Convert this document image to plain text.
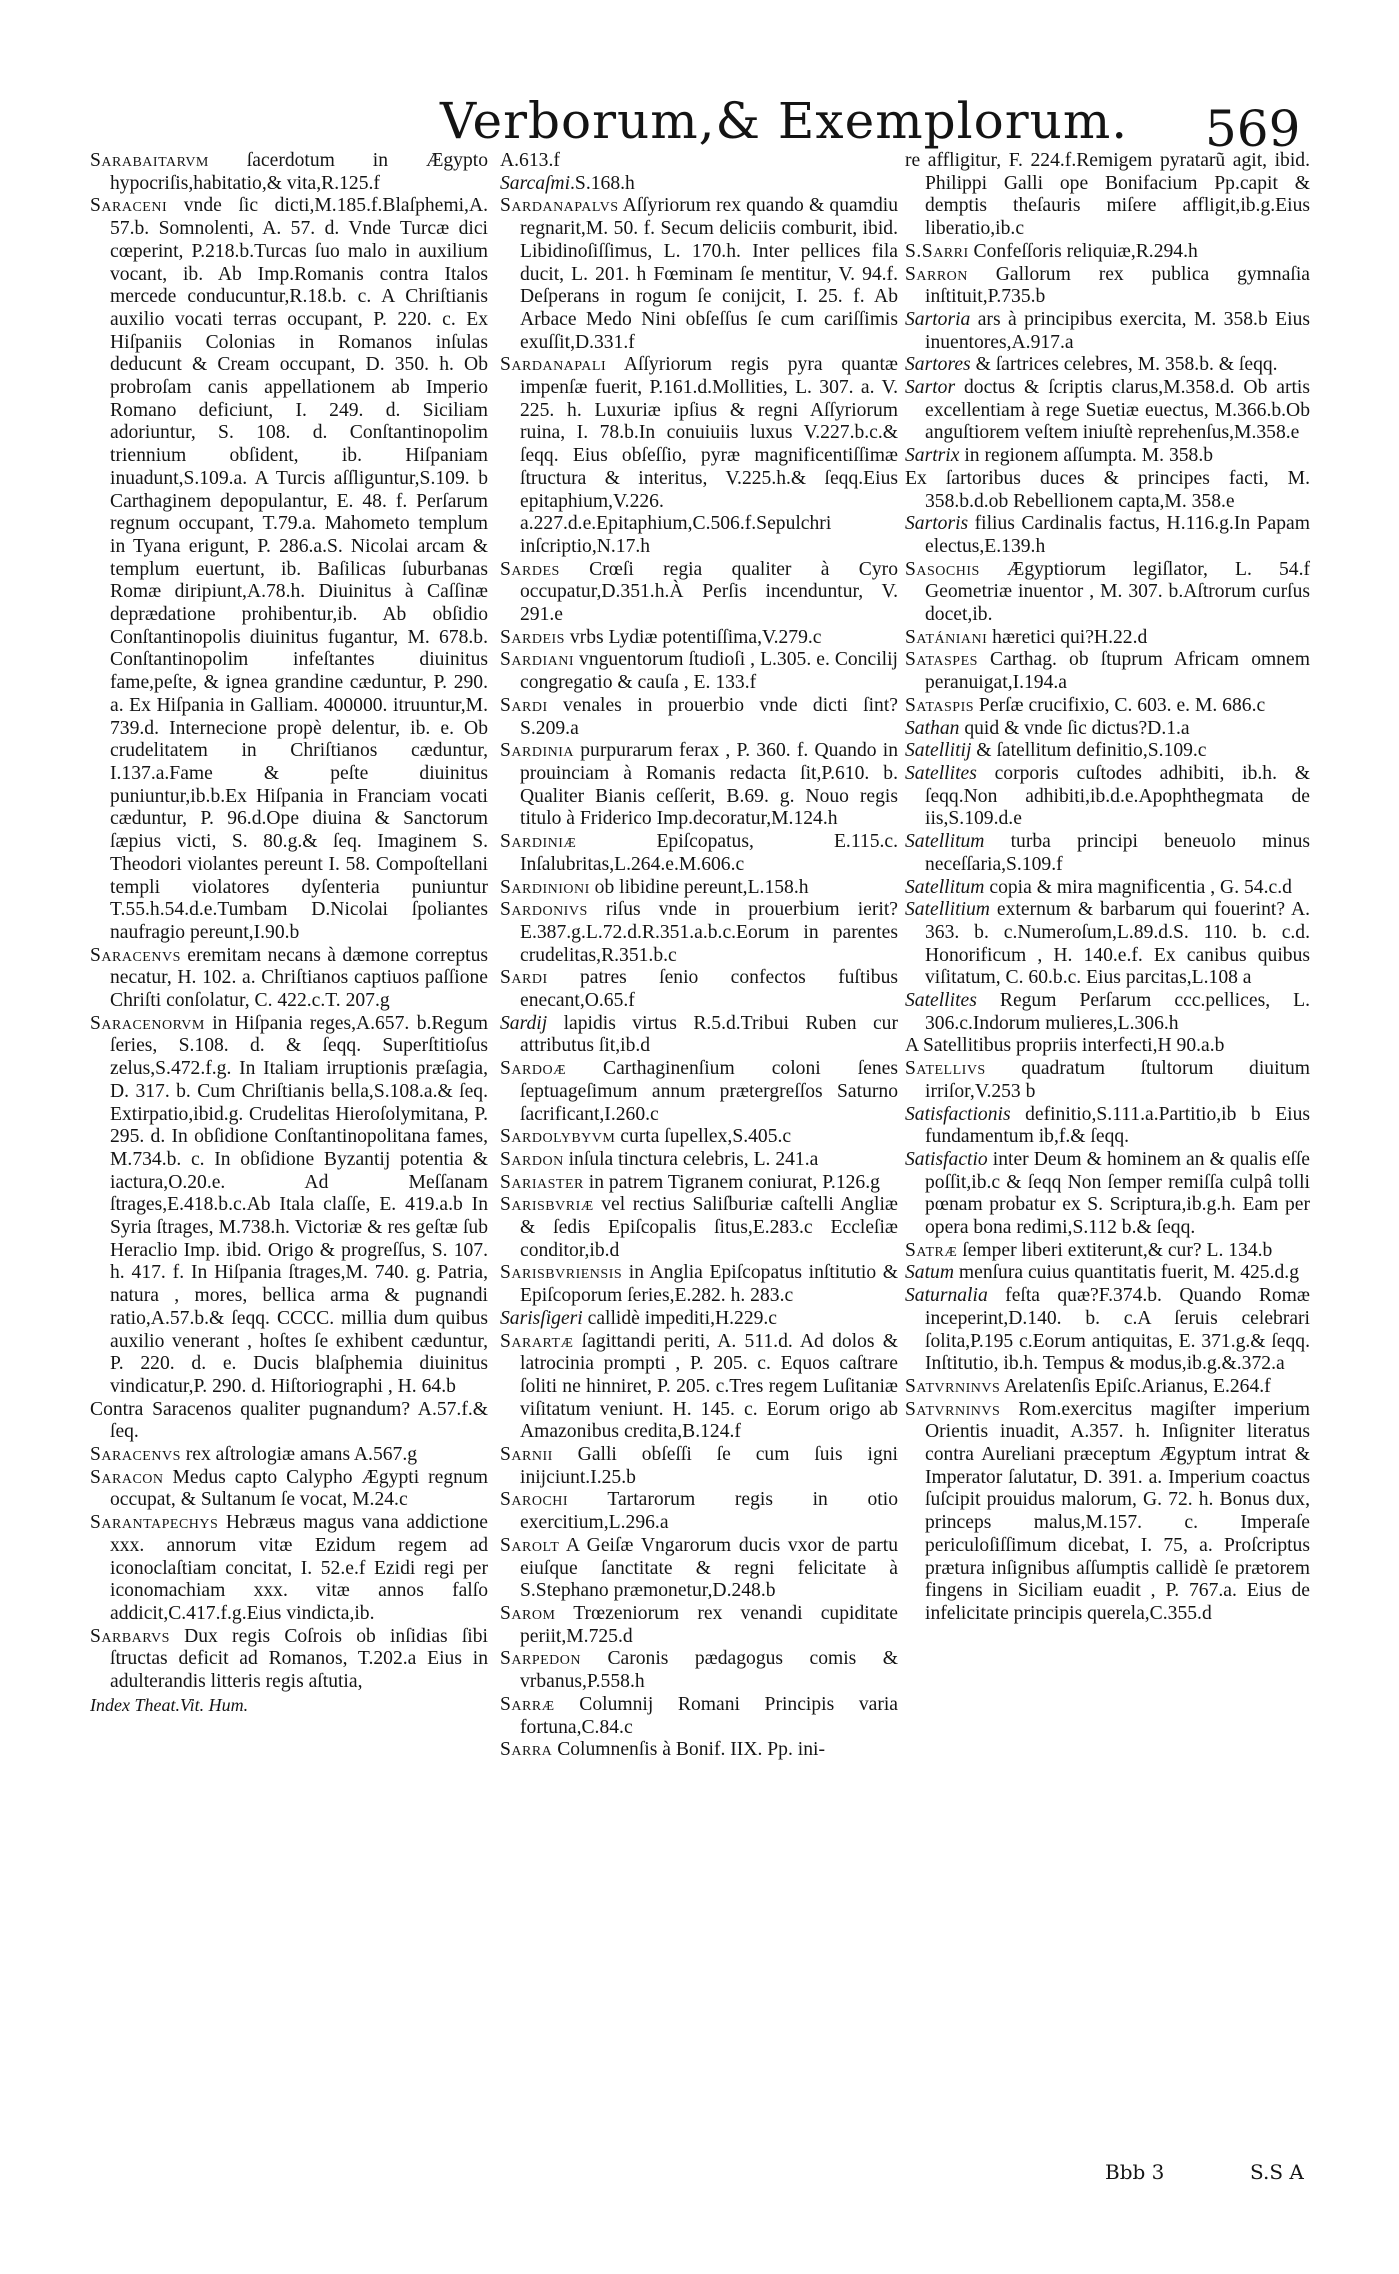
Verborum,& Exemplorum. 569

Sarabaitarvm ſacerdotum in Ægypto hypocriſis,habitatio,& vita,R.125.f

Saraceni vnde ſic dicti,M.185.f.Blaſphemi,A. 57.b. Somnolenti, A. 57. d. Vnde Turcæ dici cœperint, P.218.b.Turcas ſuo malo in auxilium vocant, ib. Ab Imp.Romanis contra Italos mercede conducuntur,R.18.b. c. A Chriſtianis auxilio vocati terras occupant, P. 220. c. Ex Hiſpaniis Colonias in Romanos inſulas deducunt & Cream occupant, D. 350. h. Ob probroſam canis appellationem ab Imperio Romano deficiunt, I. 249. d. Siciliam adoriuntur, S. 108. d. Conſtantinopolim triennium obſident, ib. Hiſpaniam inuadunt,S.109.a. A Turcis aſſliguntur,S.109. b Carthaginem depopulantur, E. 48. f. Perſarum regnum occupant, T.79.a. Mahometo templum in Tyana erigunt, P. 286.a.S. Nicolai arcam & templum euertunt, ib. Baſilicas ſuburbanas Romæ diripiunt,A.78.h. Diuinitus à Caſſinæ deprædatione prohibentur,ib. Ab obſidio Conſtantinopolis diuinitus fugantur, M. 678.b. Conſtantinopolim infeſtantes diuinitus fame,peſte, & ignea grandine cæduntur, P. 290. a. Ex Hiſpania in Galliam. 400000. itruuntur,M. 739.d. Internecione propè delentur, ib. e. Ob crudelitatem in Chriſtianos cæduntur, I.137.a.Fame & peſte diuinitus puniuntur,ib.b.Ex Hiſpania in Franciam vocati cæduntur, P. 96.d.Ope diuina & Sanctorum ſæpius victi, S. 80.g.& ſeq. Imaginem S. Theodori violantes pereunt I. 58. Compoſtellani templi violatores dyſenteria puniuntur T.55.h.54.d.e.Tumbam D.Nicolai ſpoliantes naufragio pereunt,I.90.b

Saracenvs eremitam necans à dæmone correptus necatur, H. 102. a. Chriſtianos captiuos paſſione Chriſti conſolatur, C. 422.c.T. 207.g

Saracenorvm in Hiſpania reges,A.657. b.Regum ſeries, S.108. d. & ſeqq. Superſtitioſus zelus,S.472.f.g. In Italiam irruptionis præſagia, D. 317. b. Cum Chriſtianis bella,S.108.a.& ſeq. Extirpatio,ibid.g. Crudelitas Hieroſolymitana, P. 295. d. In obſidione Conſtantinopolitana fames, M.734.b. c. In obſidione Byzantij potentia & iactura,O.20.e. Ad Meſſanam ſtrages,E.418.b.c.Ab Itala claſſe, E. 419.a.b In Syria ſtrages, M.738.h. Victoriæ & res geſtæ ſub Heraclio Imp. ibid. Origo & progreſſus, S. 107. h. 417. f. In Hiſpania ſtrages,M. 740. g. Patria, natura , mores, bellica arma & pugnandi ratio,A.57.b.& ſeqq. CCCC. millia dum quibus auxilio venerant , hoſtes ſe exhibent cæduntur, P. 220. d. e. Ducis blaſphemia diuinitus vindicatur,P. 290. d. Hiſtoriographi , H. 64.b

Contra Saracenos qualiter pugnandum? A.57.f.& ſeq.

Saracenvs rex aſtrologiæ amans A.567.g

Saracon Medus capto Calypho Ægypti regnum occupat, & Sultanum ſe vocat, M.24.c

Sarantapechys Hebræus magus vana addictione xxx. annorum vitæ Ezidum regem ad iconoclaſtiam concitat, I. 52.e.f Ezidi regi per iconomachiam xxx. vitæ annos falſo addicit,C.417.f.g.Eius vindicta,ib.

Sarbarvs Dux regis Coſrois ob inſidias ſibi ſtructas deficit ad Romanos, T.202.a Eius in adulterandis litteris regis aſtutia,

Index Theat.Vit. Hum.

A.613.f

Sarcaſmi.S.168.h

Sardanapalvs Aſſyriorum rex quando & quamdiu regnarit,M. 50. f. Secum deliciis comburit, ibid. Libidinoſiſſimus, L. 170.h. Inter pellices fila ducit, L. 201. h Fœminam ſe mentitur, V. 94.f. Deſperans in rogum ſe conijcit, I. 25. f. Ab Arbace Medo Nini obſeſſus ſe cum cariſſimis exuſſit,D.331.f

Sardanapali Aſſyriorum regis pyra quantæ impenſæ fuerit, P.161.d.Mollities, L. 307. a. V. 225. h. Luxuriæ ipſius & regni Aſſyriorum ruina, I. 78.b.In conuiuiis luxus V.227.b.c.& ſeqq. Eius obſeſſio, pyræ magnificentiſſimæ ſtructura & interitus, V.225.h.& ſeqq.Eius epitaphium,V.226. a.227.d.e.Epitaphium,C.506.f.Sepulchri inſcriptio,N.17.h

Sardes Crœſi regia qualiter à Cyro occupatur,D.351.h.À Perſis incenduntur, V. 291.e

Sardeis vrbs Lydiæ potentiſſima,V.279.c

Sardiani vnguentorum ſtudioſi , L.305. e. Concilij congregatio & cauſa , E. 133.f

Sardi venales in prouerbio vnde dicti ſint? S.209.a

Sardinia purpurarum ferax , P. 360. f. Quando in prouinciam à Romanis redacta ſit,P.610. b. Qualiter Bianis ceſſerit, B.69. g. Nouo regis titulo à Friderico Imp.decoratur,M.124.h

Sardiniæ Epiſcopatus, E.115.c. Inſalubritas,L.264.e.M.606.c

Sardinioni ob libidine pereunt,L.158.h

Sardonivs riſus vnde in prouerbium ierit?E.387.g.L.72.d.R.351.a.b.c.Eorum in parentes crudelitas,R.351.b.c

Sardi patres ſenio confectos fuſtibus enecant,O.65.f

Sardij lapidis virtus R.5.d.Tribui Ruben cur attributus ſit,ib.d

Sardoæ Carthaginenſium coloni ſenes ſeptuageſimum annum prætergreſſos Saturno ſacrificant,I.260.c

Sardolybyvm curta ſupellex,S.405.c

Sardon inſula tinctura celebris, L. 241.a

Sariaster in patrem Tigranem coniurat, P.126.g

Sarisbvriæ vel rectius Saliſburiæ caſtelli Angliæ & ſedis Epiſcopalis ſitus,E.283.c Eccleſiæ conditor,ib.d

Sarisbvriensis in Anglia Epiſcopatus inſtitutio & Epiſcoporum ſeries,E.282. h. 283.c

Sarisſigeri callidè impediti,H.229.c

Sarartæ ſagittandi periti, A. 511.d. Ad dolos & latrocinia prompti , P. 205. c. Equos caſtrare ſoliti ne hinniret, P. 205. c.Tres regem Luſitaniæ viſitatum veniunt. H. 145. c. Eorum origo ab Amazonibus credita,B.124.f

Sarnii Galli obſeſſi ſe cum ſuis igni inijciunt.I.25.b

Sarochi Tartarorum regis in otio exercitium,L.296.a

Sarolt A Geiſæ Vngarorum ducis vxor de partu eiuſque ſanctitate & regni felicitate à S.Stephano præmonetur,D.248.b

Sarom Trœzeniorum rex venandi cupiditate periit,M.725.d

Sarpedon Caronis pædagogus comis & vrbanus,P.558.h

Sarræ Columnij Romani Principis varia fortuna,C.84.c

Sarra Columnenſis à Bonif. IIX. Pp. ini-

re affligitur, F. 224.f.Remigem pyratarũ agit, ibid. Philippi Galli ope Bonifacium Pp.capit & demptis theſauris miſere affligit,ib.g.Eius liberatio,ib.c

S.Sarri Confeſſoris reliquiæ,R.294.h

Sarron Gallorum rex publica gymnaſia inſtituit,P.735.b

Sartoria ars à principibus exercita, M. 358.b Eius inuentores,A.917.a

Sartores & ſartrices celebres, M. 358.b. & ſeqq.

Sartor doctus & ſcriptis clarus,M.358.d. Ob artis excellentiam à rege Suetiæ euectus, M.366.b.Ob anguſtiorem veſtem iniuſtè reprehenſus,M.358.e

Sartrix in regionem aſſumpta. M. 358.b

Ex ſartoribus duces & principes facti, M. 358.b.d.ob Rebellionem capta,M. 358.e

Sartoris filius Cardinalis factus, H.116.g.In Papam electus,E.139.h

Sasochis Ægyptiorum legiſlator, L. 54.f Geometriæ inuentor , M. 307. b.Aſtrorum curſus docet,ib.

Satániani hæretici qui?H.22.d

Sataspes Carthag. ob ſtuprum Africam omnem peranuigat,I.194.a

Sataspis Perſæ crucifixio, C. 603. e. M. 686.c

Sathan quid & vnde ſic dictus?D.1.a

Satellitij & ſatellitum definitio,S.109.c

Satellites corporis cuſtodes adhibiti, ib.h. & ſeqq.Non adhibiti,ib.d.e.Apophthegmata de iis,S.109.d.e

Satellitum turba principi beneuolo minus neceſſaria,S.109.f

Satellitum copia & mira magnificentia , G. 54.c.d

Satellitium externum & barbarum qui fouerint? A. 363. b. c.Numeroſum,L.89.d.S. 110. b. c.d. Honorificum , H. 140.e.f. Ex canibus quibus viſitatum, C. 60.b.c. Eius parcitas,L.108 a

Satellites Regum Perſarum ccc.pellices, L. 306.c.Indorum mulieres,L.306.h

A Satellitibus propriis interfecti,H 90.a.b

Satellivs quadratum ſtultorum diuitum irriſor,V.253 b

Satisfactionis definitio,S.111.a.Partitio,ib b Eius fundamentum ib,f.& ſeqq.

Satisfactio inter Deum & hominem an & qualis eſſe poſſit,ib.c & ſeqq Non ſemper remiſſa culpâ tolli pœnam probatur ex S. Scriptura,ib.g.h. Eam per opera bona redimi,S.112 b.& ſeqq.

Satræ ſemper liberi extiterunt,& cur? L. 134.b

Satum menſura cuius quantitatis fuerit, M. 425.d.g

Saturnalia feſta quæ?F.374.b. Quando Romæ inceperint,D.140. b. c.A ſeruis celebrari ſolita,P.195 c.Eorum antiquitas, E. 371.g.& ſeqq. Inſtitutio, ib.h. Tempus & modus,ib.g.&.372.a

Satvrninvs Arelatenſis Epiſc.Arianus, E.264.f

Satvrninvs Rom.exercitus magiſter imperium Orientis inuadit, A.357. h. Inſigniter literatus contra Aureliani præceptum Ægyptum intrat & Imperator ſalutatur, D. 391. a. Imperium coactus ſuſcipit prouidus malorum, G. 72. h. Bonus dux, princeps malus,M.157. c. Imperaſe periculoſiſſimum dicebat, I. 75, a. Proſcriptus prætura inſignibus aſſumptis callidè ſe prætorem fingens in Siciliam euadit , P. 767.a. Eius de infelicitate principis querela,C.355.d

Bbb 3	S.S A
